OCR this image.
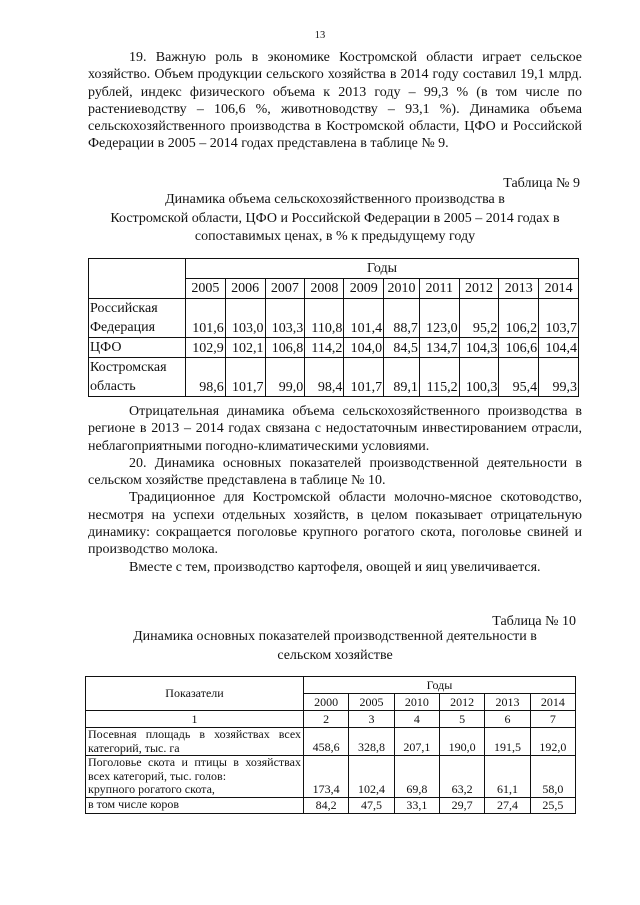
13

19. Важную роль в экономике Костромской области играет сельское хозяйство. Объем продукции сельского хозяйства в 2014 году составил 19,1 млрд. рублей, индекс физического объема к 2013 году – 99,3 % (в том числе по растениеводству – 106,6 %, животноводству – 93,1 %). Динамика объема сельскохозяйственного производства в Костромской области, ЦФО и Российской Федерации в 2005 – 2014 годах представлена в таблице № 9.

Таблица № 9
Динамика объема сельскохозяйственного производства в
Костромской области, ЦФО и Российской Федерации в 2005 – 2014 годах в
сопоставимых ценах, в % к предыдущему году
	Годы									
	2005	2006	2007	2008	2009	2010	2011	2012	2013	2014
Российская Федерация	101,6	103,0	103,3	110,8	101,4	88,7	123,0	95,2	106,2	103,7
ЦФО	102,9	102,1	106,8	114,2	104,0	84,5	134,7	104,3	106,6	104,4
Костромская область	98,6	101,7	99,0	98,4	101,7	89,1	115,2	100,3	95,4	99,3

Отрицательная динамика объема сельскохозяйственного производства в регионе в 2013 – 2014 годах связана с недостаточным инвестированием отрасли, неблагоприятными погодно-климатическими условиями.

20. Динамика основных показателей производственной деятельности в сельском хозяйстве представлена в таблице № 10.

Традиционное для Костромской области молочно-мясное скотоводство, несмотря на успехи отдельных хозяйств, в целом показывает отрицательную динамику: сокращается поголовье крупного рогатого скота, поголовье свиней и производство молока.

Вместе с тем, производство картофеля, овощей и яиц увеличивается.

Таблица № 10
Динамика основных показателей производственной деятельности в
сельском хозяйстве
Показатели	Годы					
	2000	2005	2010	2012	2013	2014
1	2	3	4	5	6	7
Посевная площадь в хозяйствах всех категорий, тыс. га	458,6	328,8	207,1	190,0	191,5	192,0

Поголовье скота и птицы в хозяйствах всех категорий, тыс. голов:
крупного рогатого скота,	173,4	102,4	69,8	63,2	61,1	58,0
в том числе коров	84,2	47,5	33,1	29,7	27,4	25,5
